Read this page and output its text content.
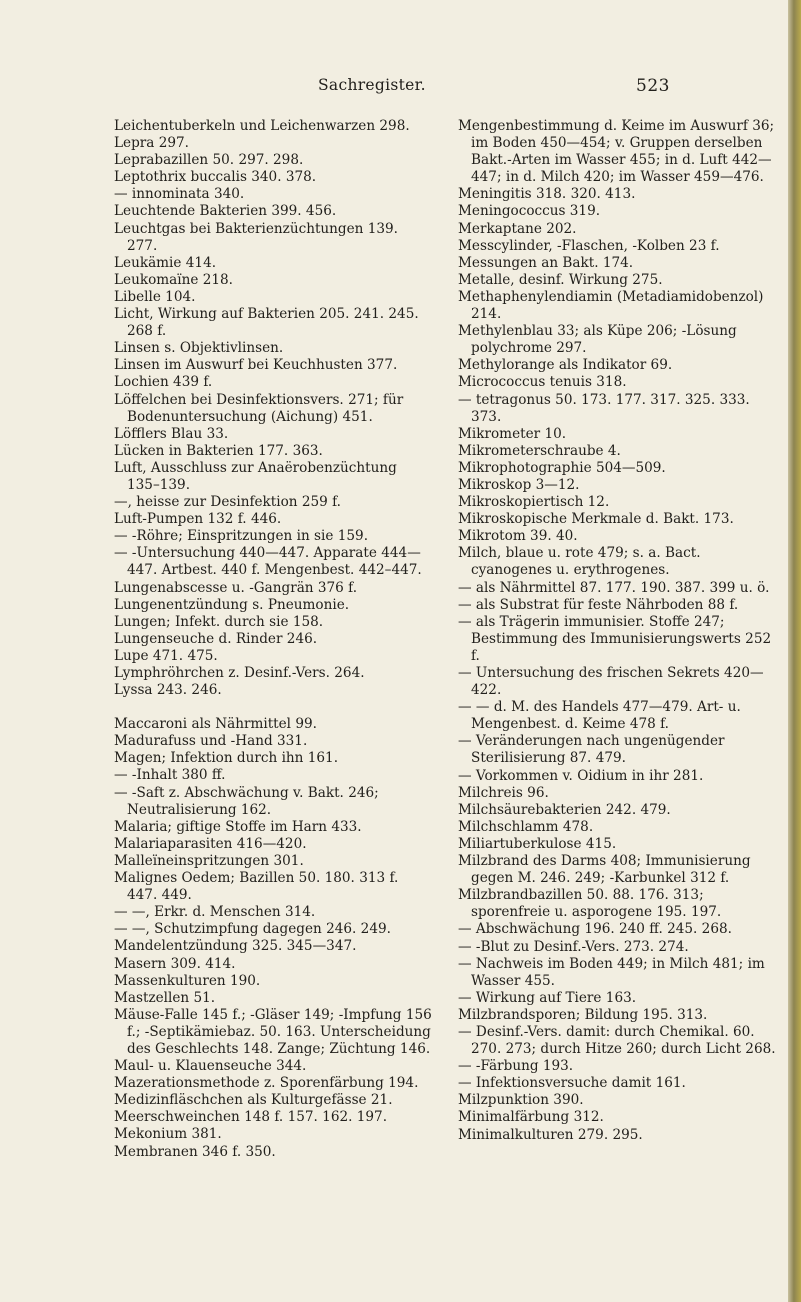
Sachregister.	523
Leichentuberkeln und Leichenwarzen 298.
Lepra 297.
Leprabazillen 50. 297. 298.
Leptothrix buccalis 340. 378.
— innominata 340.
Leuchtende Bakterien 399. 456.
Leuchtgas bei Bakterienzüchtungen 139. 277.
Leukämie 414.
Leukomaïne 218.
Libelle 104.
Licht, Wirkung auf Bakterien 205. 241. 245. 268 f.
Linsen s. Objektivlinsen.
Linsen im Auswurf bei Keuchhusten 377.
Lochien 439 f.
Löffelchen bei Desinfektionsvers. 271; für Bodenuntersuchung (Aichung) 451.
Löfflers Blau 33.
Lücken in Bakterien 177. 363.
Luft, Ausschluss zur Anaërobenzüchtung 135–139.
—, heisse zur Desinfektion 259 f.
Luft-Pumpen 132 f. 446.
— -Röhre; Einspritzungen in sie 159.
— -Untersuchung 440—447. Apparate 444—447. Artbest. 440 f. Mengenbest. 442–447.
Lungenabscesse u. -Gangrän 376 f.
Lungenentzündung s. Pneumonie.
Lungen; Infekt. durch sie 158.
Lungenseuche d. Rinder 246.
Lupe 471. 475.
Lymphröhrchen z. Desinf.-Vers. 264.
Lyssa 243. 246.
Maccaroni als Nährmittel 99.
Madurafuss und -Hand 331.
Magen; Infektion durch ihn 161.
— -Inhalt 380 ff.
— -Saft z. Abschwächung v. Bakt. 246; Neutralisierung 162.
Malaria; giftige Stoffe im Harn 433.
Malariaparasiten 416—420.
Malleïneinspritzungen 301.
Malignes Oedem; Bazillen 50. 180. 313 f. 447. 449.
— —, Erkr. d. Menschen 314.
— —, Schutzimpfung dagegen 246. 249.
Mandelentzündung 325. 345—347.
Masern 309. 414.
Massenkulturen 190.
Mastzellen 51.
Mäuse-Falle 145 f.; -Gläser 149; -Impfung 156 f.; -Septikämiebaz. 50. 163. Unterscheidung des Geschlechts 148. Zange; Züchtung 146.
Maul- u. Klauenseuche 344.
Mazerationsmethode z. Sporenfärbung 194.
Medizinfläschchen als Kulturgefässe 21.
Meerschweinchen 148 f. 157. 162. 197.
Mekonium 381.
Membranen 346 f. 350.
Mengenbestimmung d. Keime im Auswurf 36; im Boden 450—454; v. Gruppen derselben Bakt.-Arten im Wasser 455; in d. Luft 442—447; in d. Milch 420; im Wasser 459—476.
Meningitis 318. 320. 413.
Meningococcus 319.
Merkaptane 202.
Messcylinder, -Flaschen, -Kolben 23 f.
Messungen an Bakt. 174.
Metalle, desinf. Wirkung 275.
Methaphenylendiamin (Metadiamidobenzol) 214.
Methylenblau 33; als Küpe 206; -Lösung polychrome 297.
Methylorange als Indikator 69.
Micrococcus tenuis 318.
— tetragonus 50. 173. 177. 317. 325. 333. 373.
Mikrometer 10.
Mikrometerschraube 4.
Mikrophotographie 504—509.
Mikroskop 3—12.
Mikroskopiertisch 12.
Mikroskopische Merkmale d. Bakt. 173.
Mikrotom 39. 40.
Milch, blaue u. rote 479; s. a. Bact. cyanogenes u. erythrogenes.
— als Nährmittel 87. 177. 190. 387. 399 u. ö.
— als Substrat für feste Nährboden 88 f.
— als Trägerin immunisier. Stoffe 247; Bestimmung des Immunisierungswerts 252 f.
— Untersuchung des frischen Sekrets 420—422.
— — d. M. des Handels 477—479. Art- u. Mengenbest. d. Keime 478 f.
— Veränderungen nach ungenügender Sterilisierung 87. 479.
— Vorkommen v. Oidium in ihr 281.
Milchreis 96.
Milchsäurebakterien 242. 479.
Milchschlamm 478.
Miliartuberkulose 415.
Milzbrand des Darms 408; Immunisierung gegen M. 246. 249; -Karbunkel 312 f.
Milzbrandbazillen 50. 88. 176. 313; sporenfreie u. asporogene 195. 197.
— Abschwächung 196. 240 ff. 245. 268.
— -Blut zu Desinf.-Vers. 273. 274.
— Nachweis im Boden 449; in Milch 481; im Wasser 455.
— Wirkung auf Tiere 163.
Milzbrandsporen; Bildung 195. 313.
— Desinf.-Vers. damit: durch Chemikal. 60. 270. 273; durch Hitze 260; durch Licht 268.
— -Färbung 193.
— Infektionsversuche damit 161.
Milzpunktion 390.
Minimalfärbung 312.
Minimalkulturen 279. 295.
